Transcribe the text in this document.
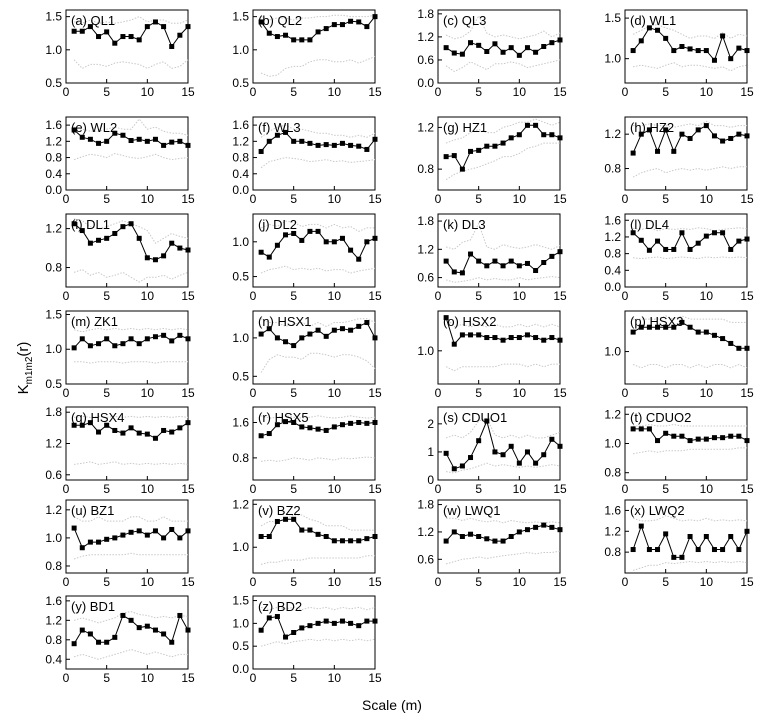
0	5	10 15
0.5
1.0
1.5 (a) QL1
0	5	10 15
0.5
1.0
1.5 (b) QL2
0	5	10 15
0.0
0.6
1.2
1.8 (c) QL3
0	5	10 15
1.0
1.5 (d) WL1
0	5	10 15
0.0
0.4
0.8
1.2
1.6 (e) WL2
0	5	10 15
0.0
0.4
0.8
1.2
1.6 (f) WL3
0	5	10 15
0.8
1.2 (g) HZ1
0	5	10 15
0.8
1.2 (h) HZ2
0	5	10 15
0.8
1.2 (i) DL1
0	5	10 15
0.5
1.0
(j) DL2
0	5	10 15
0.6
1.2
1.8 (k) DL3
0	5	10 15
0.0
0.4
0.8
1.2
1.6 (l) DL4
0	5	10 15
0.5
1.0
1.5 (m) ZK1
0	5	10 15
0.5
1.0
(n) HSX1
0	5	10 15
1.0
(o) HSX2
0	5	10 15
1.0
(p) HSX3
0	5	10 15
0.6
1.2
1.8 (q) HSX4
0	5	10 15
0.8
1.6 (r) HSX5
0	5	10 15
0
1
2 (s) CDUO1
0	5	10 15
0.8
1.0
1.2 (t) CDUO2
0	5	10 15
0.8
1.0
1.2 (u) BZ1
0	5	10 15
1.0
1.2 (v) BZ2
0	5	10 15
0.6
1.2
1.8 (w) LWQ1
0	5	10 15
0.8
1.2
1.6 (x) LWQ2
0	5	10 15
0.4
0.8
1.2
1.6 (y) BD1
0	5	10 15
0.0
0.5
1.0
1.5 (z) BD2
$K_{m1m2}(r)$
Scale (m)
